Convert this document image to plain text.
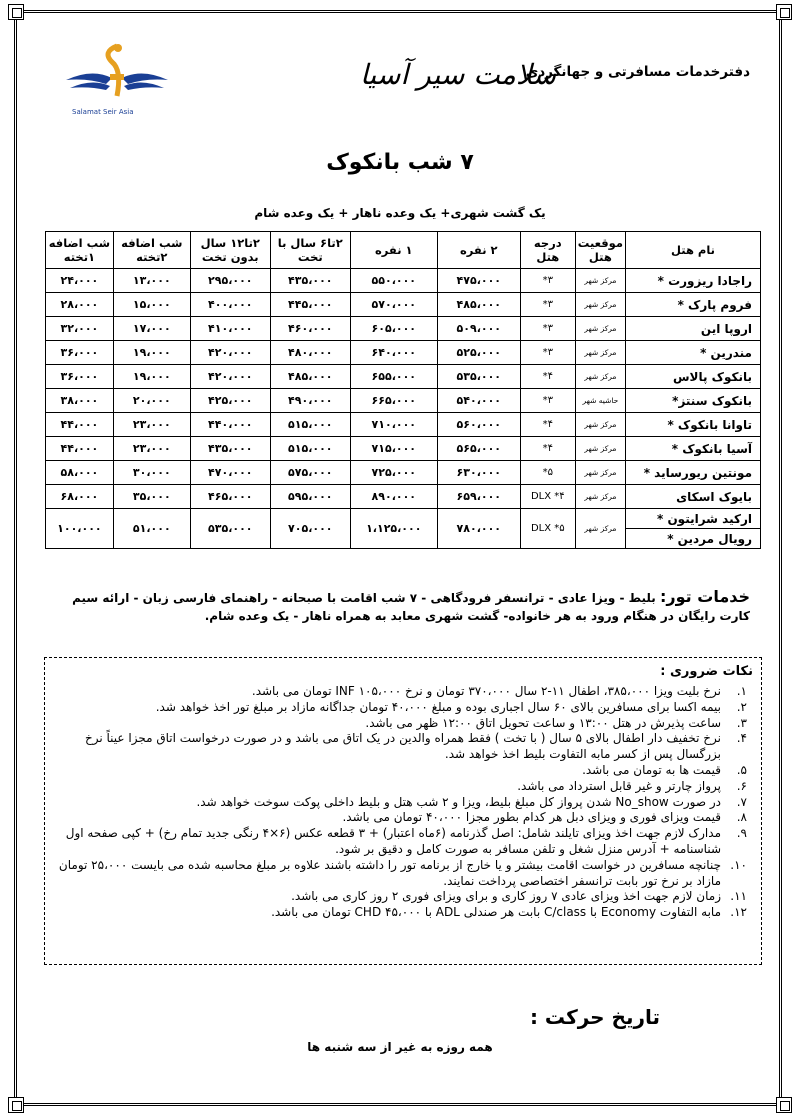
Salamat Seir Asia
سلامت سیر آسیا
دفترخدمات مسافرتی و جهانگردی
۷ شب بانکوک
یک گشت شهری+ یک وعده ناهار + یک وعده شام
نام هتل	موقعیت هتل	درجه هتل	۲ نفره	۱ نفره	۲تا۶ سال با تخت	۲تا۱۲ سال بدون تخت	شب اضافه ۲تخته	شب اضافه ۱تخته
راجادا ریزورت *	مرکز شهر	۳*	۴۷۵،۰۰۰	۵۵۰،۰۰۰	۴۳۵،۰۰۰	۲۹۵،۰۰۰	۱۳،۰۰۰	۲۴،۰۰۰
فروم پارک *	مرکز شهر	۳*	۴۸۵،۰۰۰	۵۷۰،۰۰۰	۴۴۵،۰۰۰	۴۰۰،۰۰۰	۱۵،۰۰۰	۲۸،۰۰۰
اروپا این	مرکز شهر	۳*	۵۰۹،۰۰۰	۶۰۵،۰۰۰	۴۶۰،۰۰۰	۴۱۰،۰۰۰	۱۷،۰۰۰	۳۲،۰۰۰
مندرین *	مرکز شهر	۳*	۵۲۵،۰۰۰	۶۴۰،۰۰۰	۴۸۰،۰۰۰	۴۲۰،۰۰۰	۱۹،۰۰۰	۳۶،۰۰۰
بانکوک پالاس	مرکز شهر	۴*	۵۳۵،۰۰۰	۶۵۵،۰۰۰	۴۸۵،۰۰۰	۴۲۰،۰۰۰	۱۹،۰۰۰	۳۶،۰۰۰
بانکوک سنتز*	حاشیه شهر	۳*	۵۴۰،۰۰۰	۶۶۵،۰۰۰	۴۹۰،۰۰۰	۴۲۵،۰۰۰	۲۰،۰۰۰	۳۸،۰۰۰
تاوانا بانکوک *	مرکز شهر	۴*	۵۶۰،۰۰۰	۷۱۰،۰۰۰	۵۱۵،۰۰۰	۴۴۰،۰۰۰	۲۳،۰۰۰	۴۴،۰۰۰
آسیا بانکوک *	مرکز شهر	۴*	۵۶۵،۰۰۰	۷۱۵،۰۰۰	۵۱۵،۰۰۰	۴۳۵،۰۰۰	۲۳،۰۰۰	۴۴،۰۰۰
مونتین ریورساید *	مرکز شهر	۵*	۶۳۰،۰۰۰	۷۲۵،۰۰۰	۵۷۵،۰۰۰	۴۷۰،۰۰۰	۳۰،۰۰۰	۵۸،۰۰۰
بایوک اسکای	مرکز شهر	۴* DLX	۶۵۹،۰۰۰	۸۹۰،۰۰۰	۵۹۵،۰۰۰	۴۶۵،۰۰۰	۳۵،۰۰۰	۶۸،۰۰۰

ارکید شرایتون *
رویال مردین *	مرکز شهر	۵* DLX	۷۸۰،۰۰۰	۱،۱۲۵،۰۰۰	۷۰۵،۰۰۰	۵۳۵،۰۰۰	۵۱،۰۰۰	۱۰۰،۰۰۰
خدمات تور: بلیط - ویزا عادی - ترانسفر فرودگاهی - ۷ شب اقامت با صبحانه - راهنمای فارسی زبان - ارائه سیم کارت رایگان در هنگام ورود به هر خانواده- گشت شهری معابد به همراه ناهار - یک وعده شام.
نکات ضروری :
۱.
نرخ بلیت ویزا ۳۸۵،۰۰۰، اطفال ۱۱-۲ سال ۳۷۰،۰۰۰ تومان و نرخ INF ۱۰۵،۰۰۰ تومان می باشد.
۲.
بیمه اکسا برای مسافرین بالای ۶۰ سال اجباری بوده و مبلغ ۴۰،۰۰۰ تومان جداگانه مازاد بر مبلغ تور اخذ خواهد شد.
۳.
ساعت پذیرش در هتل ۱۳:۰۰ و ساعت تحویل اتاق ۱۲:۰۰ ظهر می باشد.
۴.
نرخ تخفیف دار اطفال بالای ۵ سال ( با تخت ) فقط همراه والدین در یک اتاق می باشد و در صورت درخواست اتاق مجزا عیناً نرخ بزرگسال پس از کسر مابه التفاوت بلیط اخذ خواهد شد.
۵.
قیمت ها به تومان می باشد.
۶.
پرواز چارتر و غیر قابل استرداد می باشد.
۷.
در صورت No_show شدن پرواز کل مبلغ بلیط، ویزا و ۲ شب هتل و بلیط داخلی پوکت سوخت خواهد شد.
۸.
قیمت ویزای فوری و ویزای دبل هر کدام بطور مجزا ۴۰،۰۰۰ تومان می باشد.
۹.
مدارک لازم جهت اخذ ویزای تایلند شامل: اصل گذرنامه (۶ماه اعتبار) + ۳ قطعه عکس (۶×۴ رنگی جدید تمام رخ) + کپی صفحه اول شناسنامه + آدرس منزل شغل و تلفن مسافر به صورت کامل و دقیق بر شود.
۱۰.
چنانچه مسافرین در خواست اقامت بیشتر و یا خارج از برنامه تور را داشته باشند علاوه بر مبلغ محاسبه شده می بایست ۲۵،۰۰۰ تومان مازاد بر نرخ تور بابت ترانسفر اختصاصی پرداخت نمایند.
۱۱.
زمان لازم جهت اخذ ویزای عادی ۷ روز کاری و برای ویزای فوری ۲ روز کاری می باشد.
۱۲.
مابه التفاوت Economy با C/class بابت هر صندلی ADL با CHD ۴۵،۰۰۰ تومان می باشد.
تاریخ حرکت :
همه روزه به غیر از سه شنبه ها
